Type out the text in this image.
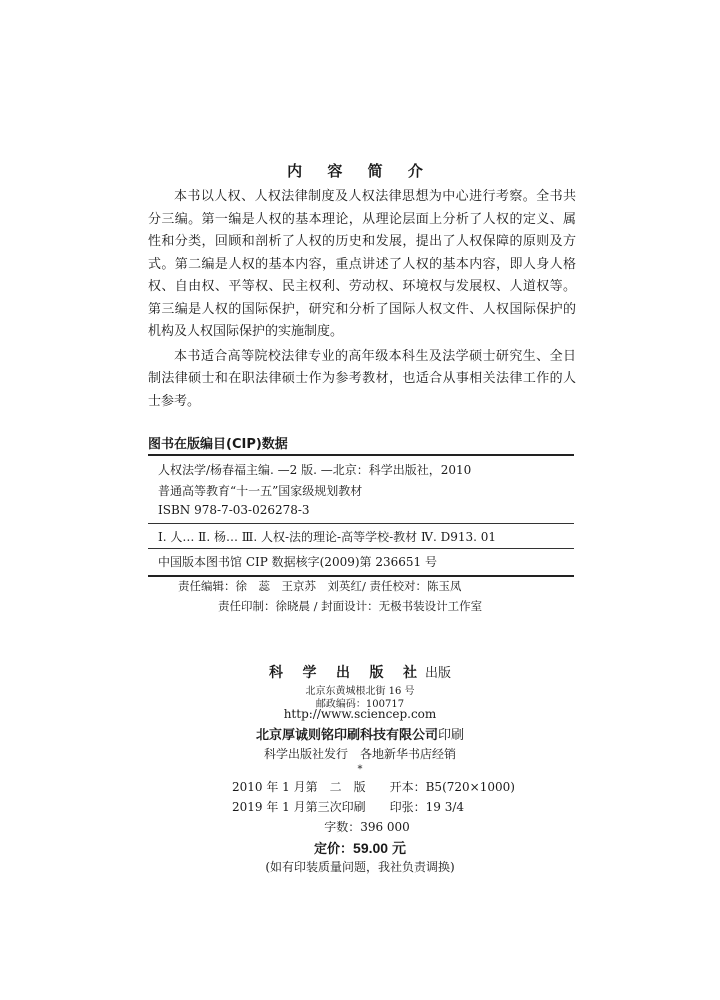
内 容 简 介

本书以人权、人权法律制度及人权法律思想为中心进行考察。全书共分三编。第一编是人权的基本理论，从理论层面上分析了人权的定义、属性和分类，回顾和剖析了人权的历史和发展，提出了人权保障的原则及方式。第二编是人权的基本内容，重点讲述了人权的基本内容，即人身人格权、自由权、平等权、民主权利、劳动权、环境权与发展权、人道权等。第三编是人权的国际保护，研究和分析了国际人权文件、人权国际保护的机构及人权国际保护的实施制度。

本书适合高等院校法律专业的高年级本科生及法学硕士研究生、全日制法律硕士和在职法律硕士作为参考教材，也适合从事相关法律工作的人士参考。

图书在版编目(CIP)数据
人权法学/杨春福主编. —2 版. —北京：科学出版社，2010
普通高等教育“十一五”国家级规划教材
ISBN 978-7-03-026278-3
Ⅰ. 人… Ⅱ. 杨… Ⅲ. 人权-法的理论-高等学校-教材 Ⅳ. D913. 01
中国版本图书馆 CIP 数据核字(2009)第 236651 号
责任编辑：徐　蕊　王京苏　刘英红/ 责任校对：陈玉凤
责任印制：徐晓晨 / 封面设计：无极书装设计工作室
科 学 出 版 社出版
北京东黄城根北街 16 号
邮政编码：100717
http://www.sciencep.com
北京厚诚则铭印刷科技有限公司印刷
科学出版社发行　各地新华书店经销
*
2010 年 1 月第　二　版　　开本：B5(720×1000)
2019 年 1 月第三次印刷　　印张：19 3/4
字数：396 000
定价：59.00 元
(如有印装质量问题，我社负责调换)
